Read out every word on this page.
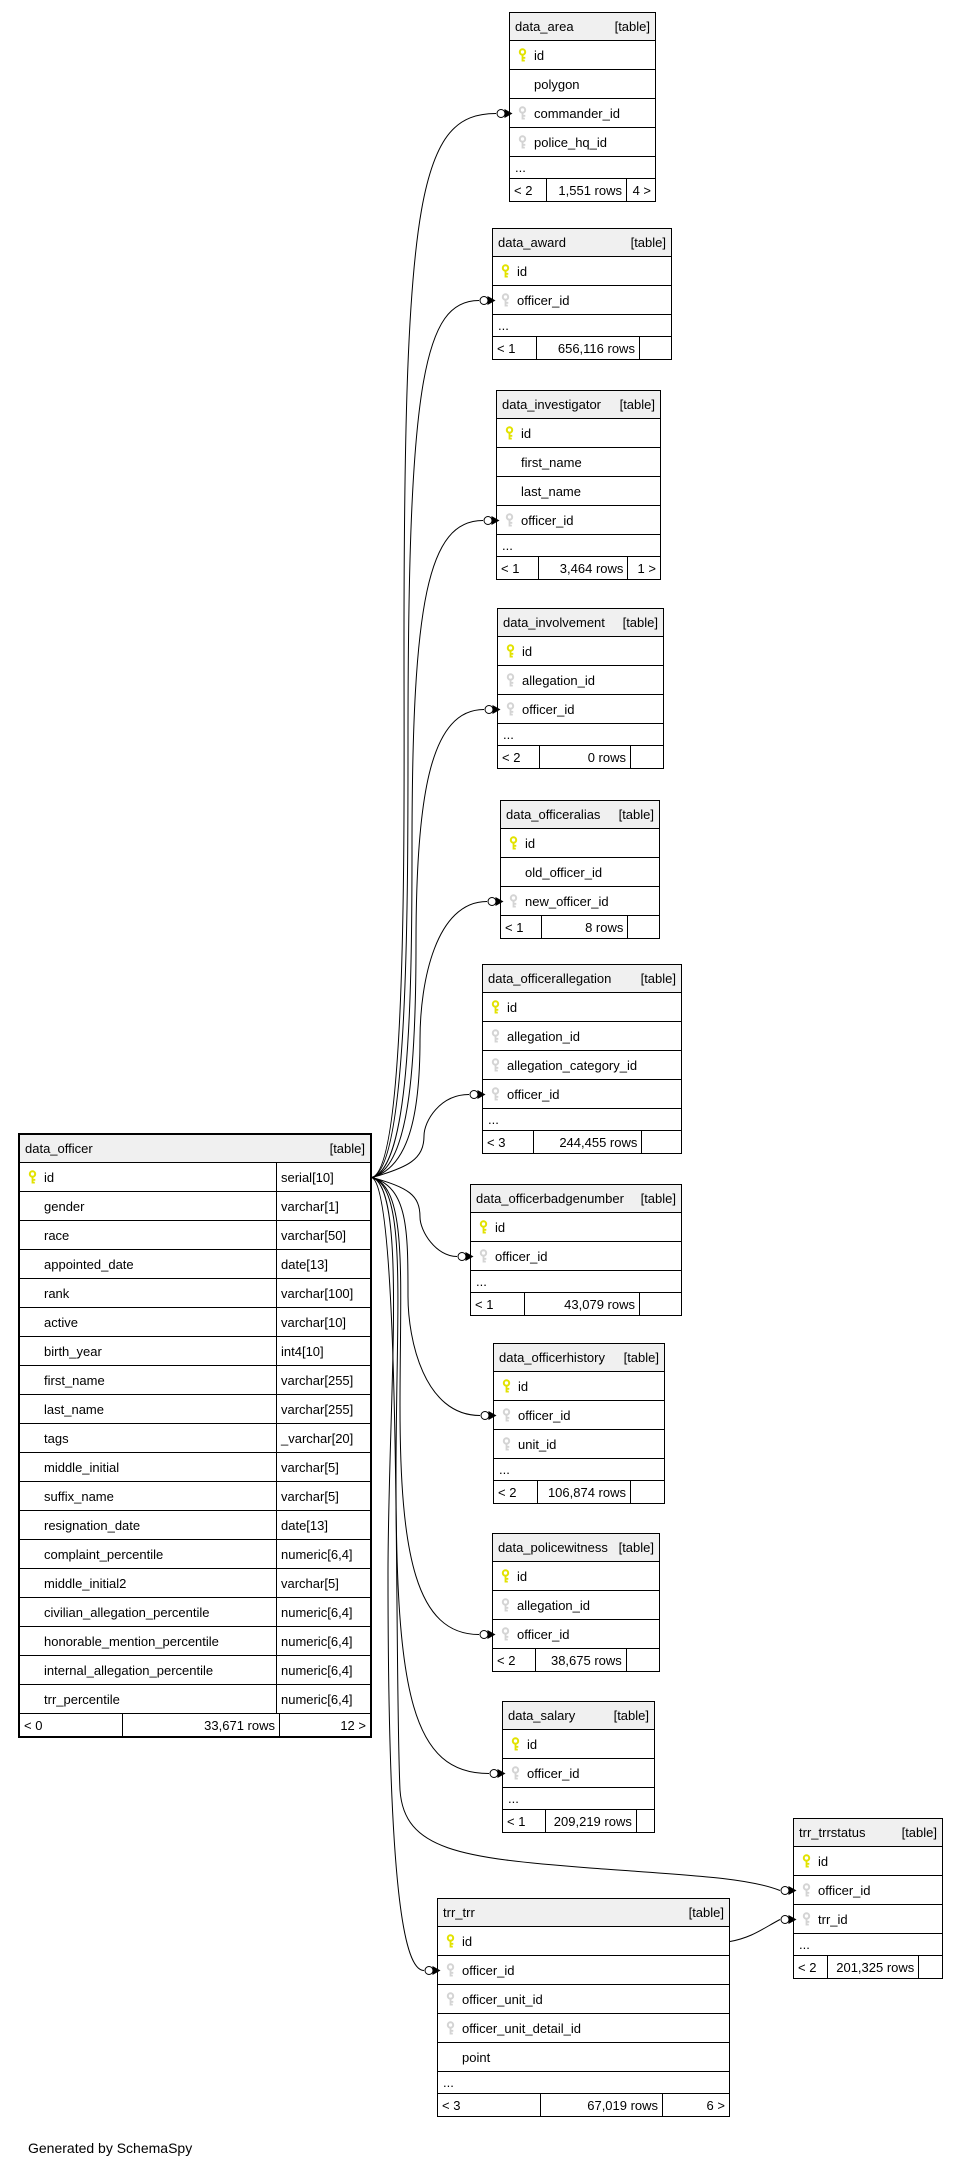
data_officer	[table]
id	serial[10]
gender	varchar[1]
race	varchar[50]
appointed_date	date[13]
rank	varchar[100]
active	varchar[10]
birth_year	int4[10]
first_name	varchar[255]
last_name	varchar[255]
tags	_varchar[20]
middle_initial	varchar[5]
suffix_name	varchar[5]
resignation_date	date[13]
complaint_percentile	numeric[6,4]
middle_initial2	varchar[5]
civilian_allegation_percentile	numeric[6,4]
honorable_mention_percentile	numeric[6,4]
internal_allegation_percentile	numeric[6,4]
trr_percentile	numeric[6,4]
< 0	33,671 rows	12 >
data_area	[table]
id
polygon
commander_id
police_hq_id
...
< 2	1,551 rows 4 >
data_award	[table]
id
officer_id
...
< 1	656,116 rows
data_investigator [table]
id
first_name
last_name
officer_id
...
< 1	3,464 rows	1 >
data_involvement [table]
id
allegation_id
officer_id
...
< 2	0 rows
data_officeralias [table]
id
old_officer_id
new_officer_id
< 1	8 rows
data_officerallegation [table]
id
allegation_id
allegation_category_id
officer_id
...
< 3	244,455 rows
data_officerbadgenumber [table]
id
officer_id
...
< 1	43,079 rows
data_officerhistory [table]
id
officer_id
unit_id
...
< 2	106,874 rows
data_policewitness [table]
id
allegation_id
officer_id
< 2	38,675 rows
data_salary	[table]
id
officer_id
...
< 1	209,219 rows
trr_trrstatus	[table]
id
officer_id
trr_id
...
< 2	201,325 rows
trr_trr	[table]
id
officer_id
officer_unit_id
officer_unit_detail_id
point
...
< 3	67,019 rows	6 >
Generated by SchemaSpy
